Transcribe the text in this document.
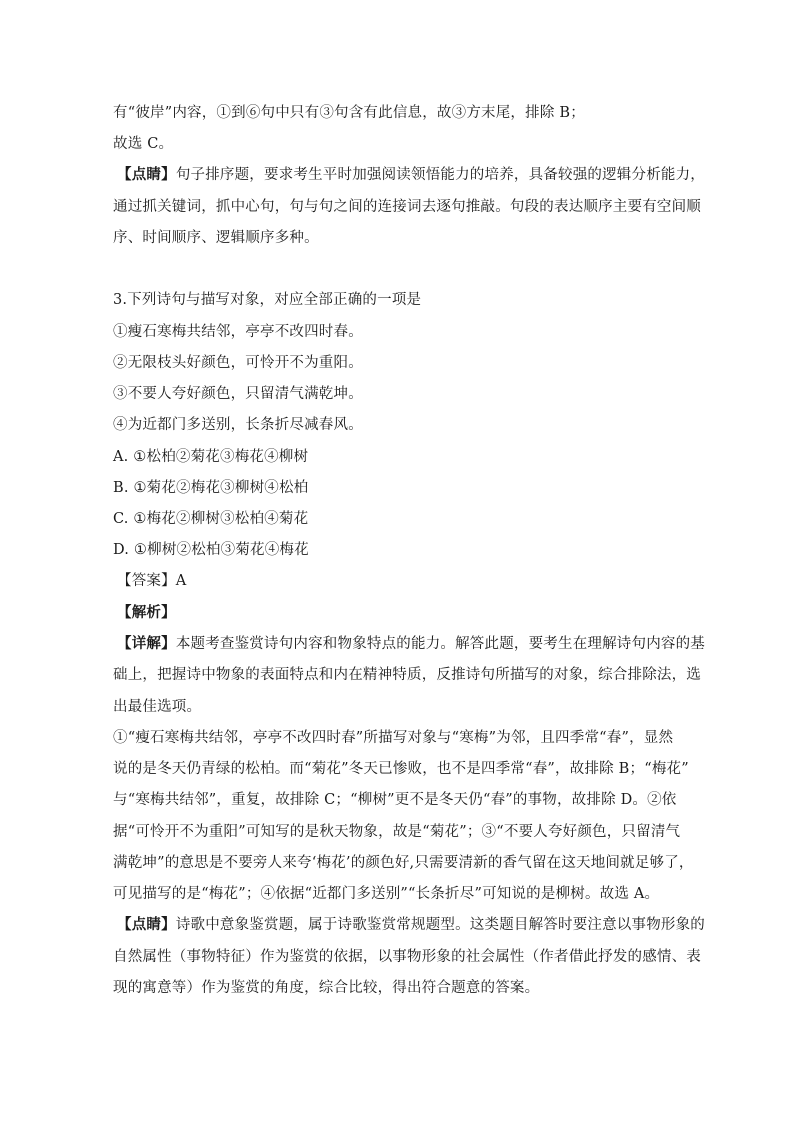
有“彼岸”内容，①到⑥句中只有③句含有此信息，故③方末尾，排除 B；
故选 C。
【点睛】句子排序题，要求考生平时加强阅读领悟能力的培养，具备较强的逻辑分析能力，
通过抓关键词，抓中心句，句与句之间的连接词去逐句推敲。句段的表达顺序主要有空间顺
序、时间顺序、逻辑顺序多种。
3.下列诗句与描写对象，对应全部正确的一项是
①瘦石寒梅共结邻，亭亭不改四时春。
②无限枝头好颜色，可怜开不为重阳。
③不要人夸好颜色，只留清气满乾坤。
④为近都门多送别，长条折尽减春风。
A. ①松柏②菊花③梅花④柳树
B. ①菊花②梅花③柳树④松柏
C. ①梅花②柳树③松柏④菊花
D. ①柳树②松柏③菊花④梅花
【答案】A
【解析】
【详解】本题考查鉴赏诗句内容和物象特点的能力。解答此题，要考生在理解诗句内容的基
础上，把握诗中物象的表面特点和内在精神特质，反推诗句所描写的对象，综合排除法，选
出最佳选项。
①“瘦石寒梅共结邻，亭亭不改四时春”所描写对象与“寒梅”为邻，且四季常“春”，显然
说的是冬天仍青绿的松柏。而“菊花”冬天已惨败，也不是四季常“春”，故排除 B；“梅花”
与“寒梅共结邻”，重复，故排除 C；“柳树”更不是冬天仍“春”的事物，故排除 D。②依
据“可怜开不为重阳”可知写的是秋天物象，故是“菊花”；③“不要人夸好颜色，只留清气
满乾坤”的意思是不要旁人来夸‘梅花’的颜色好,只需要清新的香气留在这天地间就足够了，
可见描写的是“梅花”；④依据“近都门多送别”“长条折尽”可知说的是柳树。故选 A。
【点睛】诗歌中意象鉴赏题，属于诗歌鉴赏常规题型。这类题目解答时要注意以事物形象的
自然属性（事物特征）作为鉴赏的依据，以事物形象的社会属性（作者借此抒发的感情、表
现的寓意等）作为鉴赏的角度，综合比较，得出符合题意的答案。
